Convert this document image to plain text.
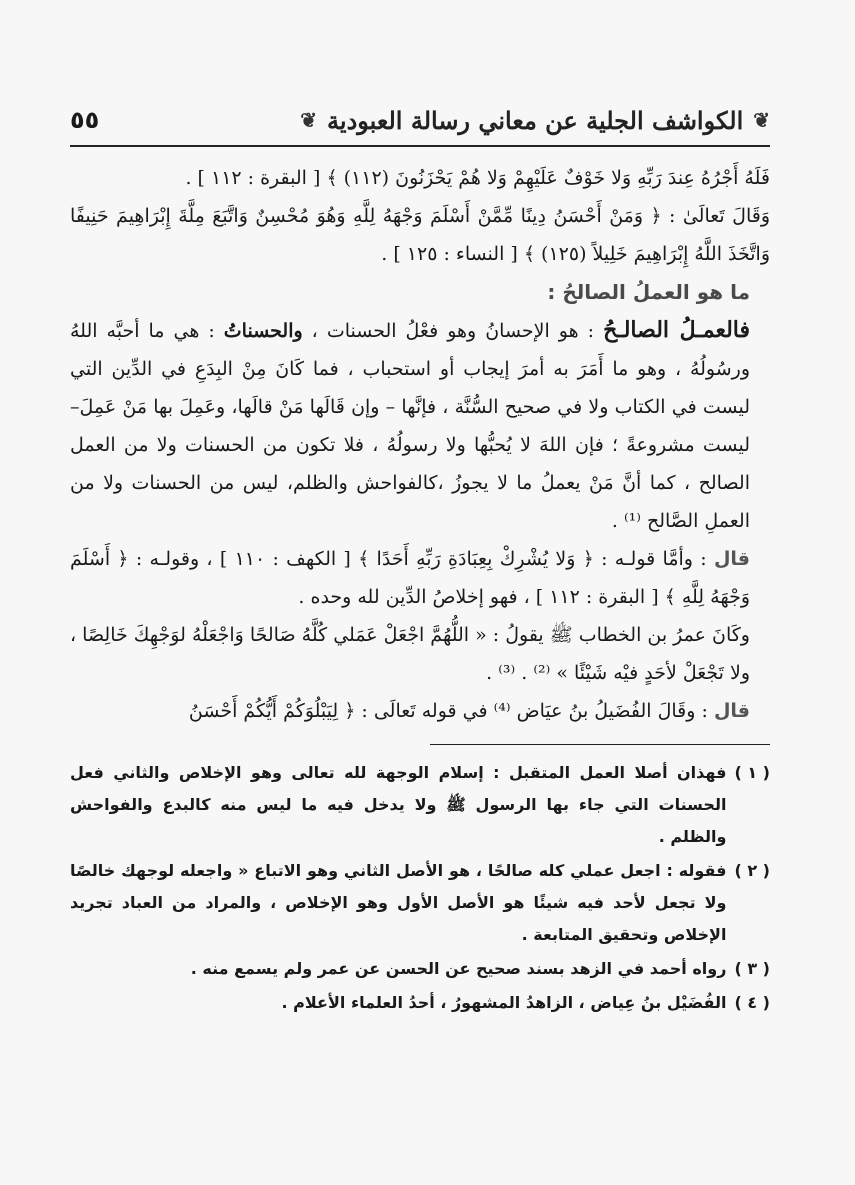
❦
الكواشف الجلية عن معاني رسالة العبودية
❦
٥٥

فَلَهُ أَجْرُهُ عِندَ رَبِّهِ وَلا خَوْفٌ عَلَيْهِمْ وَلا هُمْ يَحْزَنُونَ (١١٢) ﴾ [ البقرة : ١١٢ ] .

وَقَالَ تَعالَىٰ : ﴿ وَمَنْ أَحْسَنُ دِينًا مِّمَّنْ أَسْلَمَ وَجْهَهُ لِلَّهِ وَهُوَ مُحْسِنٌ وَاتَّبَعَ مِلَّةَ إِبْرَاهِيمَ حَنِيفًا وَاتَّخَذَ اللَّهُ إِبْرَاهِيمَ خَلِيلاً (١٢٥) ﴾ [ النساء : ١٢٥ ] .

ما هو العملُ الصالحُ :

فالعمـلُ الصالـحُ : هو الإحسانُ وهو فعْلُ الحسنات ، والحسناتُ : هي ما أحبَّه اللهُ ورسُولُهُ ، وهو ما أَمَرَ به أمرَ إيجاب أو استحباب ، فما كَانَ مِنْ البِدَعِ في الدِّين التي ليست في الكتاب ولا في صحيح السُّنَّة ، فإنَّها – وإن قَالَها مَنْ قالَها، وعَمِلَ بها مَنْ عَمِلَ– ليست مشروعةً ؛ فإن اللهَ لا يُحبُّها ولا رسولُهُ ، فلا تكون من الحسنات ولا من العمل الصالح ، كما أنَّ مَنْ يعملُ ما لا يجوزُ ،كالفواحش والظلم، ليس من الحسنات ولا من العملِ الصَّالح ⁽¹⁾ .

قال : وأمَّا قولـه : ﴿ وَلا يُشْرِكْ بِعِبَادَةِ رَبِّهِ أَحَدًا ﴾ [ الكهف : ١١٠ ] ، وقولـه : ﴿ أَسْلَمَ وَجْهَهُ لِلَّهِ ﴾ [ البقرة : ١١٢ ] ، فهو إخلاصُ الدِّين لله وحده .

وكَانَ عمرُ بن الخطاب ﷺ يقولُ : « اللُّهُمَّ اجْعَلْ عَمَلي كُلَّهُ صَالحًا وَاجْعَلْهُ لوَجْهِكَ خَالِصًا ، ولا تَجْعَلْ لأحَدٍ فيْه شَيْئًا » ⁽²⁾ . ⁽³⁾ .

قال : وقَالَ الفُضَيلُ بنُ عيَاض ⁽⁴⁾ في قوله تَعالَى : ﴿ لِيَبْلُوَكُمْ أَيُّكُمْ أَحْسَنُ

( ١ )
فهذان أصلا العمل المتقبل : إسلام الوجهة لله تعالى وهو الإخلاص والثاني فعل الحسنات التي جاء بها الرسول ﷺ ولا يدخل فيه ما ليس منه كالبدع والفواحش والظلم .
( ٢ )
فقوله : اجعل عملي كله صالحًا ، هو الأصل الثاني وهو الاتباع « واجعله لوجهك خالصًا ولا تجعل لأحد فيه شيئًا هو الأصل الأول وهو الإخلاص ، والمراد من العباد تجريد الإخلاص وتحقيق المتابعة .
( ٣ )
رواه أحمد في الزهد بسند صحيح عن الحسن عن عمر ولم يسمع منه .
( ٤ )
الفُضَيْل بنُ عِياض ، الزاهدُ المشهورُ ، أحدُ العلماء الأعلام .
